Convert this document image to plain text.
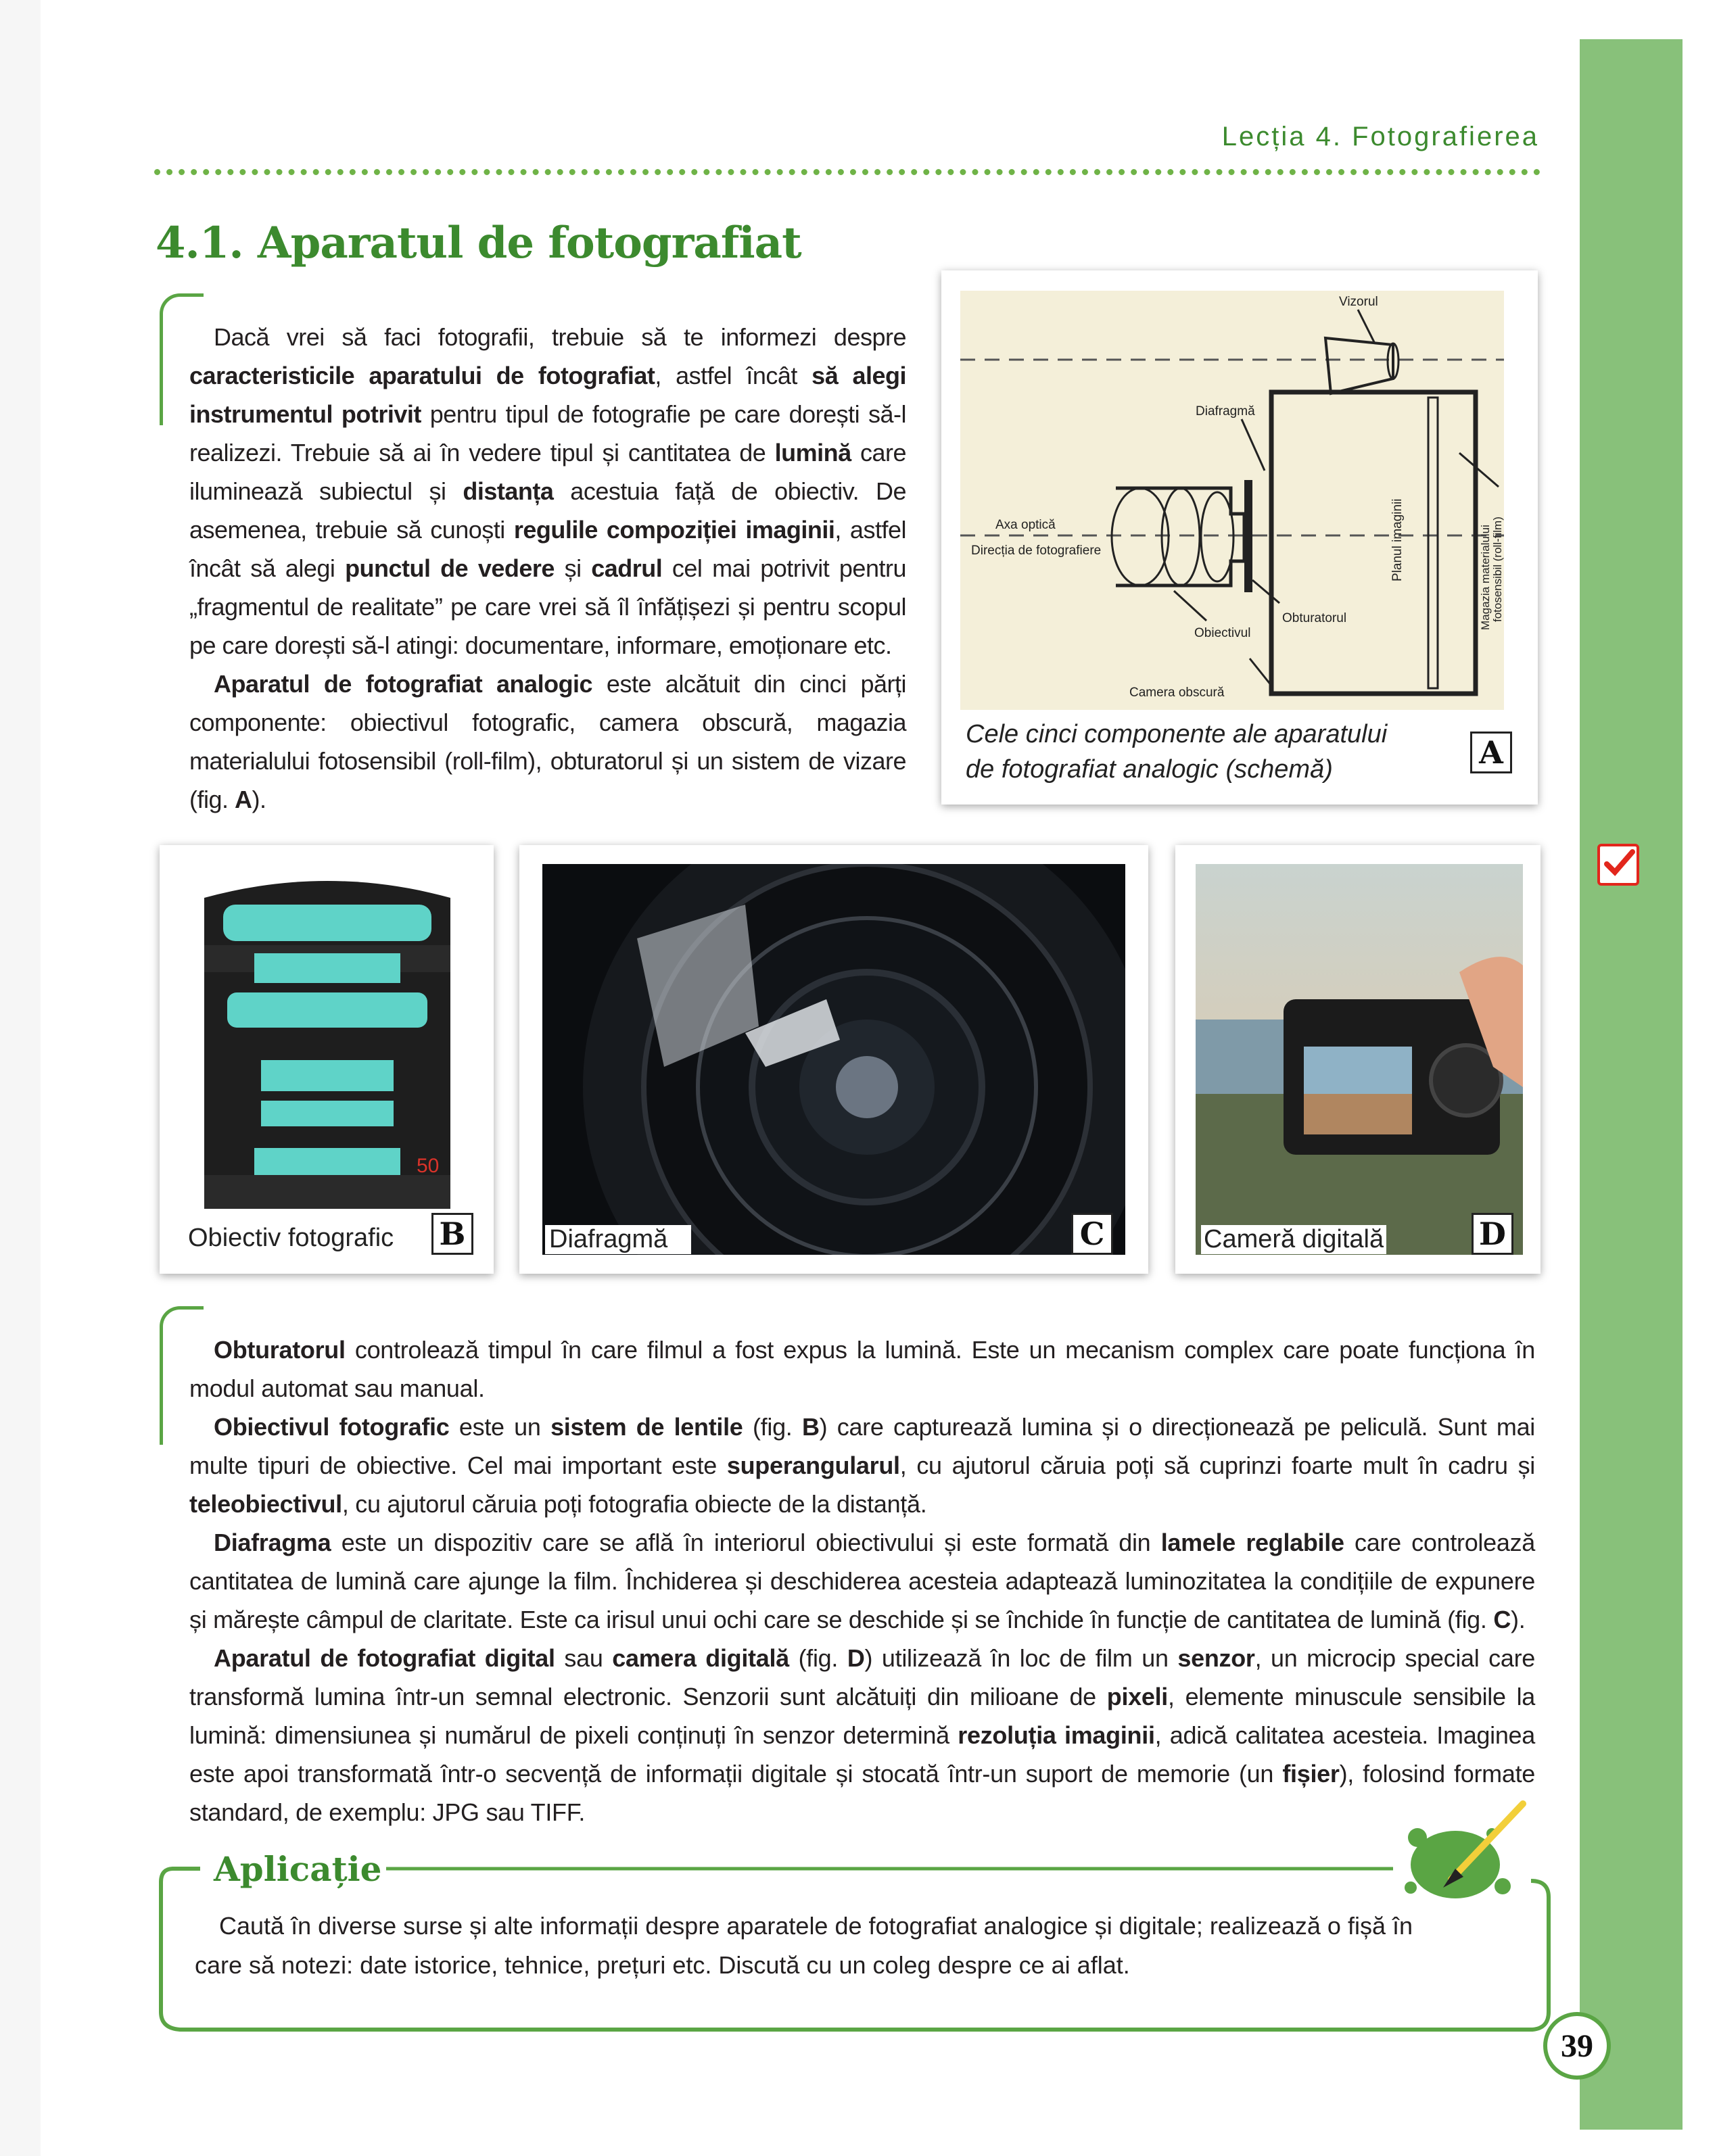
Lecția 4. Fotografierea
4.1. Aparatul de fotografiat

Dacă vrei să faci fotografii, trebuie să te informezi despre caracteristicile aparatului de fotografiat, astfel încât să alegi instrumentul potrivit pentru tipul de fotografie pe care dorești să-l realizezi. Trebuie să ai în vedere tipul și cantitatea de lumină care iluminează subiectul și distanța acestuia față de obiectiv. De asemenea, trebuie să cunoști regulile compoziției imaginii, astfel încât să alegi punctul de vedere și cadrul cel mai potrivit pentru „fragmentul de realitate” pe care vrei să îl înfățișezi și pentru scopul pe care dorești să-l atingi: documentare, informare, emoționare etc.

Aparatul de fotografiat analogic este alcătuit din cinci părți componente: obiectivul fotografic, camera obscură, magazia materialului fotosensibil (roll-film), obturatorul și un sistem de vizare (fig. A).

Vizorul
Diafragmă
Axa optică
Direcția de fotografiere
Obiectivul
Obturatorul
Camera obscură
Planul imaginii	Magazia materialului fotosensibil (roll-film)
Cele cinci componente ale aparatului
de fotografiat analogic (schemă)	A
50
Obiectiv fotografic B	Diafragmă	C	Cameră digitală	D

Obturatorul controlează timpul în care filmul a fost expus la lumină. Este un mecanism complex care poate funcționa în modul automat sau manual.

Obiectivul fotografic este un sistem de lentile (fig. B) care capturează lumina și o direcționează pe peliculă. Sunt mai multe tipuri de obiective. Cel mai important este superangularul, cu ajutorul căruia poți să cuprinzi foarte mult în cadru și teleobiectivul, cu ajutorul căruia poți fotografia obiecte de la distanță.

Diafragma este un dispozitiv care se află în interiorul obiectivului și este formată din lamele reglabile care controlează cantitatea de lumină care ajunge la film. Închiderea și deschiderea acesteia adaptează luminozitatea la condițiile de expunere și mărește câmpul de claritate. Este ca irisul unui ochi care se deschide și se închide în funcție de cantitatea de lumină (fig. C).

Aparatul de fotografiat digital sau camera digitală (fig. D) utilizează în loc de film un senzor, un microcip special care transformă lumina într-un semnal electronic. Senzorii sunt alcătuiți din milioane de pixeli, elemente minuscule sensibile la lumină: dimensiunea și numărul de pixeli conținuți în senzor determină rezoluția imaginii, adică calitatea acesteia. Imaginea este apoi transformată într-o secvență de informații digitale și stocată într-un suport de memorie (un fișier), folosind formate standard, de exemplu: JPG sau TIFF.

Aplicație

Caută în diverse surse și alte informații despre aparatele de fotografiat analogice și digitale; realizează o fișă în care să notezi: date istorice, tehnice, prețuri etc. Discută cu un coleg despre ce ai aflat.

39
